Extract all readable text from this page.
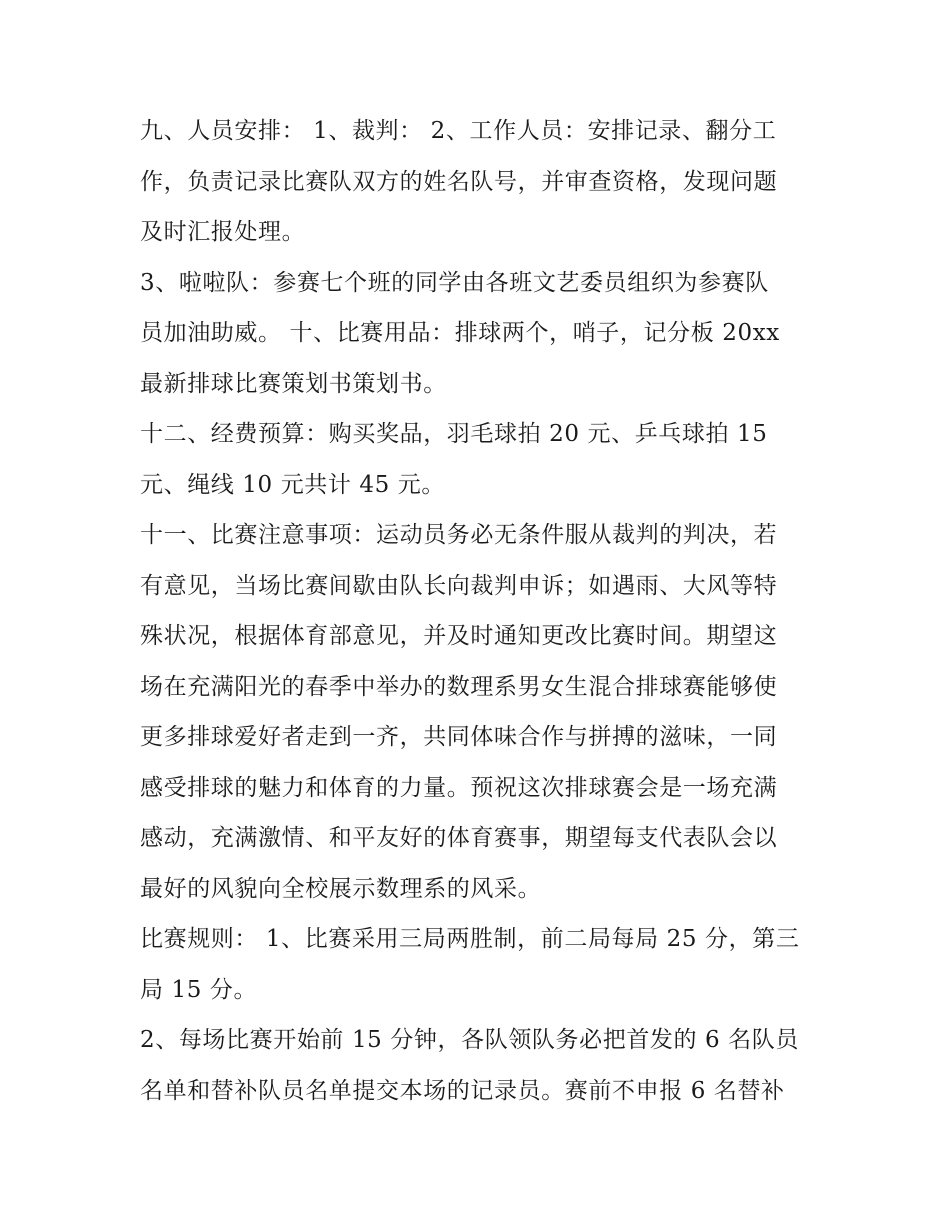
九、人员安排： 1、裁判： 2、工作人员：安排记录、翻分工
作，负责记录比赛队双方的姓名队号，并审查资格，发现问题
及时汇报处理。
3、啦啦队：参赛七个班的同学由各班文艺委员组织为参赛队
员加油助威。 十、比赛用品：排球两个，哨子，记分板 20xx
最新排球比赛策划书策划书。
十二、经费预算：购买奖品，羽毛球拍 20 元、乒乓球拍 15
元、绳线 10 元共计 45 元。
十一、比赛注意事项：运动员务必无条件服从裁判的判决，若
有意见，当场比赛间歇由队长向裁判申诉；如遇雨、大风等特
殊状况，根据体育部意见，并及时通知更改比赛时间。期望这
场在充满阳光的春季中举办的数理系男女生混合排球赛能够使
更多排球爱好者走到一齐，共同体味合作与拼搏的滋味，一同
感受排球的魅力和体育的力量。预祝这次排球赛会是一场充满
感动，充满激情、和平友好的体育赛事，期望每支代表队会以
最好的风貌向全校展示数理系的风采。
比赛规则： 1、比赛采用三局两胜制，前二局每局 25 分，第三
局 15 分。
2、每场比赛开始前 15 分钟，各队领队务必把首发的 6 名队员
名单和替补队员名单提交本场的记录员。赛前不申报 6 名替补
